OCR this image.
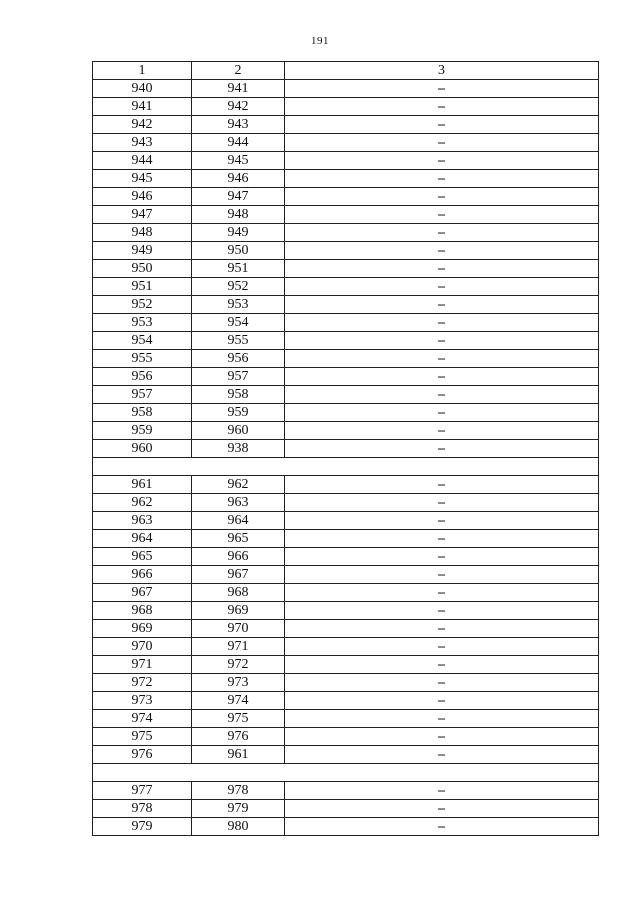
191
1	2	3
940	941	–
941	942	–
942	943	–
943	944	–
944	945	–
945	946	–
946	947	–
947	948	–
948	949	–
949	950	–
950	951	–
951	952	–
952	953	–
953	954	–
954	955	–
955	956	–
956	957	–
957	958	–
958	959	–
959	960	–
960	938	–

961	962	–
962	963	–
963	964	–
964	965	–
965	966	–
966	967	–
967	968	–
968	969	–
969	970	–
970	971	–
971	972	–
972	973	–
973	974	–
974	975	–
975	976	–
976	961	–

977	978	–
978	979	–
979	980	–
